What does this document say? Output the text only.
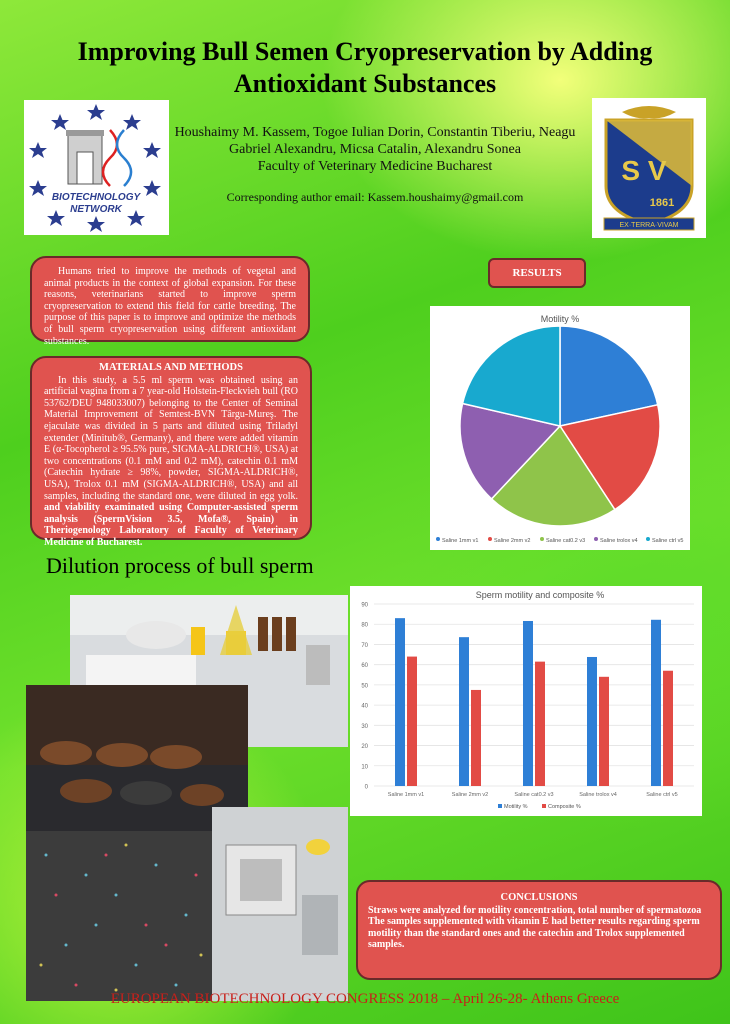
Improving Bull Semen Cryopreservation by Adding
Antioxidant Substances
BIOTECHNOLOGY
NETWORK
S V
1861
EX·TERRA·VIVAM
Houshaimy M. Kassem, Togoe Iulian Dorin, Constantin Tiberiu, Neagu
Gabriel Alexandru, Micsa Catalin, Alexandru Sonea
Faculty of Veterinary Medicine Bucharest
Corresponding author email: Kassem.houshaimy@gmail.com
Humans tried to improve the methods of vegetal and animal products in the context of global expansion. For these reasons, veterinarians started to improve sperm cryopreservation to extend this field for cattle breeding. The purpose of this paper is to improve and optimize the methods of bull sperm cryopreservation using different antioxidant substances.
MATERIALS AND METHODS

In this study, a 5.5 ml sperm was obtained using an artificial vagina from a 7 year-old Holstein-Fleckvieh bull (RO 53762/DEU 948033007) belonging to the Center of Seminal Material Improvement of Semtest-BVN Târgu-Mureş. The ejaculate was divided in 5 parts and diluted using Triladyl extender (Minitub®, Germany), and there were added vitamin E (α-Tocopherol ≥ 95.5% pure, SIGMA-ALDRICH®, USA) at two concentrations (0.1 mM and 0.2 mM), catechin 0.1 mM (Catechin hydrate ≥ 98%, powder, SIGMA-ALDRICH®, USA), Trolox 0.1 mM (SIGMA-ALDRICH®, USA) and all samples, including the standard one, were diluted in egg yolk. and viability examinated using Computer-assisted sperm analysis (SpermVision 3.5, Mofa®, Spain) in Theriogenology Laboratory of Faculty of Veterinary Medicine of Bucharest.

RESULTS
Motility %
Saline 1mm v1	Saline 2mm v2	Saline cat0.2 v3	Saline trolox v4	Saline ctrl v5
Dilution process of bull sperm
Sperm motility and composite %
0
10
20
30
40
50
60
70
80
90
Saline 1mm v1	Saline 2mm v2	Saline cat0.2 v3	Saline trolox v4	Saline ctrl v5
Motility %	Composite %
CONCLUSIONS
Straws were analyzed for motility concentration, total number of spermatozoa The samples supplemented with vitamin E had better results regarding sperm motility than the standard ones and the catechin and Trolox supplemented samples.
EUROPEAN BIOTECHNOLOGY CONGRESS 2018 – April 26-28- Athens Greece
